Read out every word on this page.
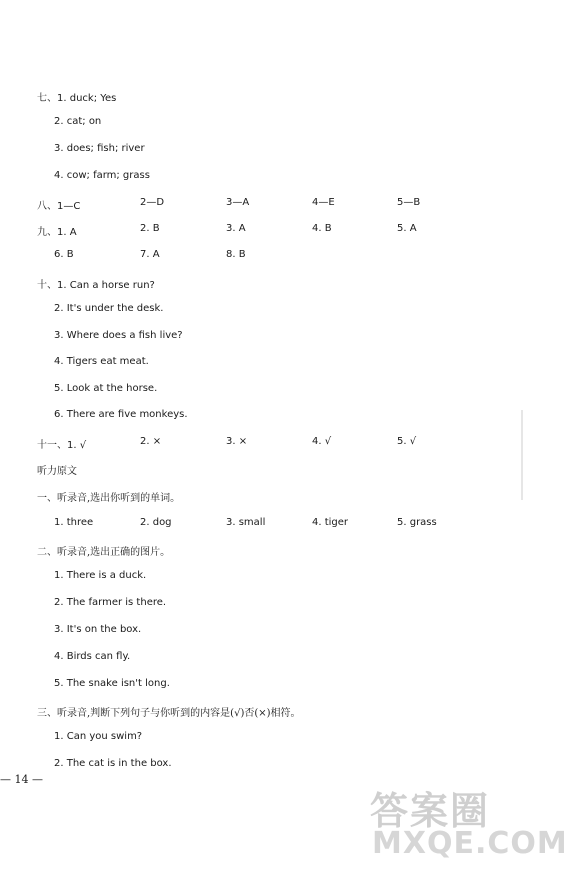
七、1. duck; Yes
2. cat; on
3. does; fish; river
4. cow; farm; grass
八、1—C	2—D	3—A	4—E	5—B
九、1. A	2. B	3. A	4. B	5. A
6. B	7. A	8. B
十、1. Can a horse run?
2. It's under the desk.
3. Where does a fish live?
4. Tigers eat meat.
5. Look at the horse.
6. There are five monkeys.
十一、1. √	2. ×	3. ×	4. √	5. √
听力原文
一、听录音,选出你听到的单词。
1. three	2. dog	3. small	4. tiger	5. grass
二、听录音,选出正确的图片。
1. There is a duck.
2. The farmer is there.
3. It's on the box.
4. Birds can fly.
5. The snake isn't long.
三、听录音,判断下列句子与你听到的内容是(√)否(×)相符。
1. Can you swim?
2. The cat is in the box.
— 14 —
答案圈
MXQE.COM
